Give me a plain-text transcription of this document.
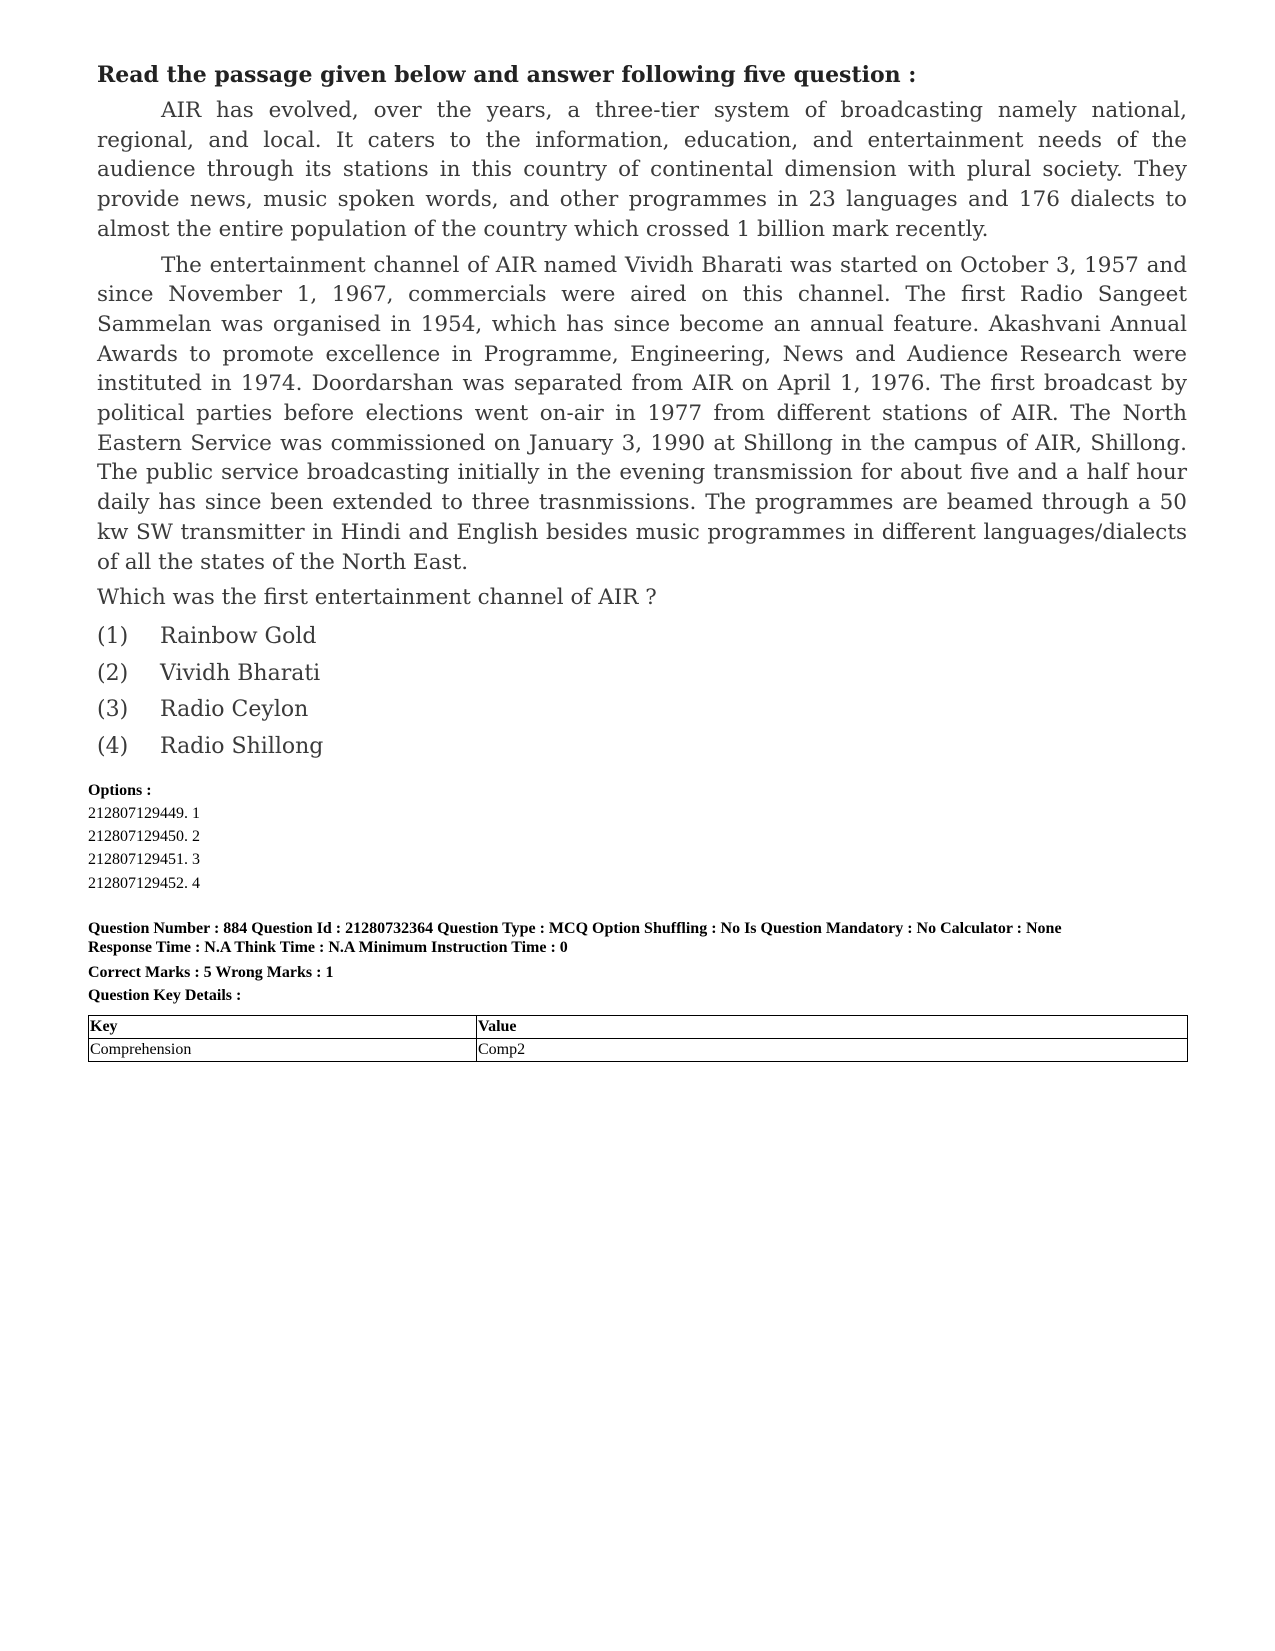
Read the passage given below and answer following five question :

AIR has evolved, over the years, a three-tier system of broadcasting namely national, regional, and local. It caters to the information, education, and entertainment needs of the audience through its stations in this country of continental dimension with plural society. They provide news, music spoken words, and other programmes in 23 languages and 176 dialects to almost the entire population of the country which crossed 1 billion mark recently.

The entertainment channel of AIR named Vividh Bharati was started on October 3, 1957 and since November 1, 1967, commercials were aired on this channel. The first Radio Sangeet Sammelan was organised in 1954, which has since become an annual feature. Akashvani Annual Awards to promote excellence in Programme, Engineering, News and Audience Research were instituted in 1974. Doordarshan was separated from AIR on April 1, 1976. The first broadcast by political parties before elections went on-air in 1977 from different stations of AIR. The North Eastern Service was commissioned on January 3, 1990 at Shillong in the campus of AIR, Shillong. The public service broadcasting initially in the evening transmission for about five and a half hour daily has since been extended to three trasnmissions. The programmes are beamed through a 50 kw SW transmitter in Hindi and English besides music programmes in different languages/dialects of all the states of the North East.

Which was the first entertainment channel of AIR ?
(1)	Rainbow Gold
(2)	Vividh Bharati
(3)	Radio Ceylon
(4)	Radio Shillong
Options :
212807129449. 1
212807129450. 2
212807129451. 3
212807129452. 4
Question Number : 884 Question Id : 21280732364 Question Type : MCQ Option Shuffling : No Is Question Mandatory : No Calculator : None
Response Time : N.A Think Time : N.A Minimum Instruction Time : 0
Correct Marks : 5 Wrong Marks : 1
Question Key Details :
Key	Value
Comprehension	Comp2
